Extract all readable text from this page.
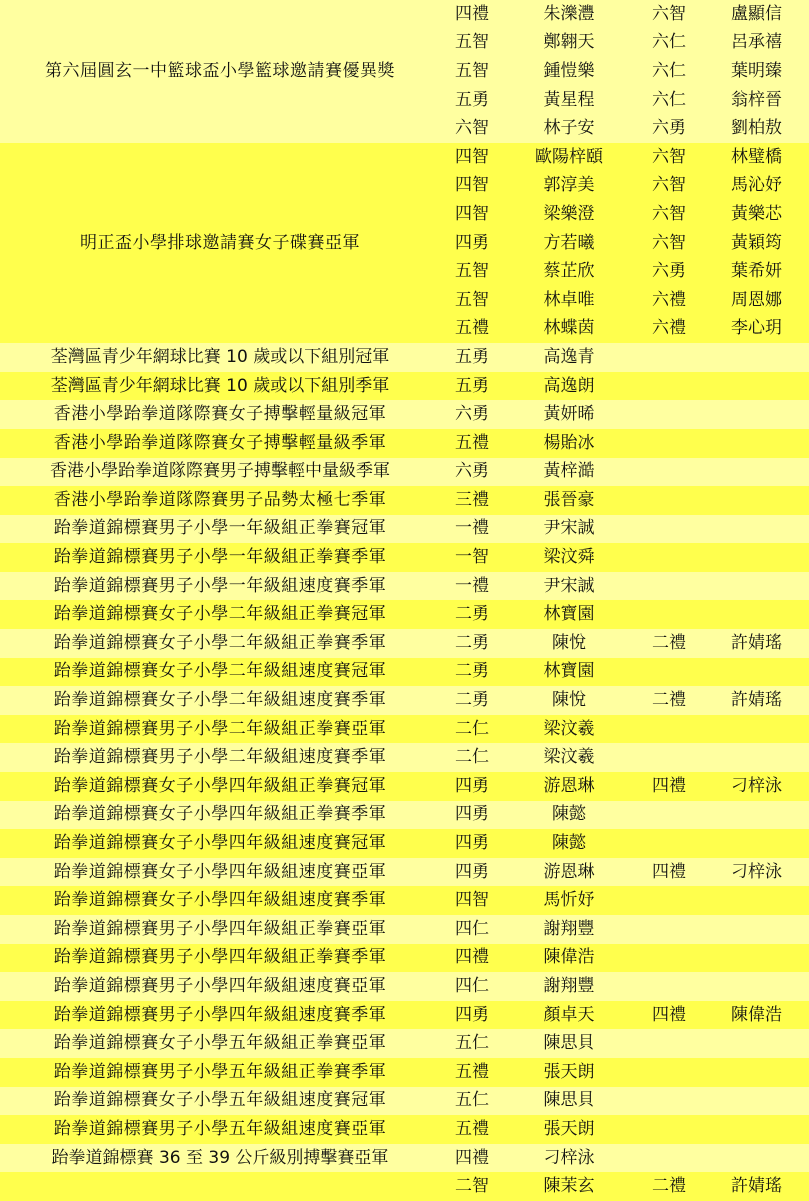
第六屆圓玄一中籃球盃小學籃球邀請賽優異獎	四禮	朱濼灃	六智	盧顯信
	五智	鄭翱天	六仁	呂承禧
	五智	鍾愷樂	六仁	葉明臻
	五勇	黃星程	六仁	翁梓晉
	六智	林子安	六勇	劉柏敖
明正盃小學排球邀請賽女子碟賽亞軍	四智	歐陽梓頤	六智	林璧橋
	四智	郭淳美	六智	馬沁妤
	四智	梁樂澄	六智	黃樂芯
	四勇	方若曦	六智	黃穎筠
	五智	蔡芷欣	六勇	葉希妍
	五智	林卓唯	六禮	周恩娜
	五禮	林蝶茵	六禮	李心玥
荃灣區青少年網球比賽 10 歲或以下組別冠軍	五勇	高逸青		
荃灣區青少年網球比賽 10 歲或以下組別季軍	五勇	高逸朗		
香港小學跆拳道隊際賽女子搏擊輕量級冠軍	六勇	黃妍晞		
香港小學跆拳道隊際賽女子搏擊輕量級季軍	五禮	楊貽冰		
香港小學跆拳道隊際賽男子搏擊輕中量級季軍	六勇	黃梓澔		
香港小學跆拳道隊際賽男子品勢太極七季軍	三禮	張晉豪		
跆拳道錦標賽男子小學一年級組正拳賽冠軍	一禮	尹宋誠		
跆拳道錦標賽男子小學一年級組正拳賽季軍	一智	梁汶舜		
跆拳道錦標賽男子小學一年級組速度賽季軍	一禮	尹宋誠		
跆拳道錦標賽女子小學二年級組正拳賽冠軍	二勇	林寶園		
跆拳道錦標賽女子小學二年級組正拳賽季軍	二勇	陳悅	二禮	許婧瑤
跆拳道錦標賽女子小學二年級組速度賽冠軍	二勇	林寶園		
跆拳道錦標賽女子小學二年級組速度賽季軍	二勇	陳悅	二禮	許婧瑤
跆拳道錦標賽男子小學二年級組正拳賽亞軍	二仁	梁汶羲		
跆拳道錦標賽男子小學二年級組速度賽季軍	二仁	梁汶羲		
跆拳道錦標賽女子小學四年級組正拳賽冠軍	四勇	游恩琳	四禮	刁梓泳
跆拳道錦標賽女子小學四年級組正拳賽季軍	四勇	陳懿		
跆拳道錦標賽女子小學四年級組速度賽冠軍	四勇	陳懿		
跆拳道錦標賽女子小學四年級組速度賽亞軍	四勇	游恩琳	四禮	刁梓泳
跆拳道錦標賽女子小學四年級組速度賽季軍	四智	馬忻妤		
跆拳道錦標賽男子小學四年級組正拳賽亞軍	四仁	謝翔豐		
跆拳道錦標賽男子小學四年級組正拳賽季軍	四禮	陳偉浩		
跆拳道錦標賽男子小學四年級組速度賽亞軍	四仁	謝翔豐		
跆拳道錦標賽男子小學四年級組速度賽季軍	四勇	顏卓天	四禮	陳偉浩
跆拳道錦標賽女子小學五年級組正拳賽亞軍	五仁	陳思貝		
跆拳道錦標賽男子小學五年級組正拳賽季軍	五禮	張天朗		
跆拳道錦標賽女子小學五年級組速度賽冠軍	五仁	陳思貝		
跆拳道錦標賽男子小學五年級組速度賽亞軍	五禮	張天朗		
跆拳道錦標賽 36 至 39 公斤級別搏擊賽亞軍	四禮	刁梓泳		
	二智	陳茉玄	二禮	許婧瑤
